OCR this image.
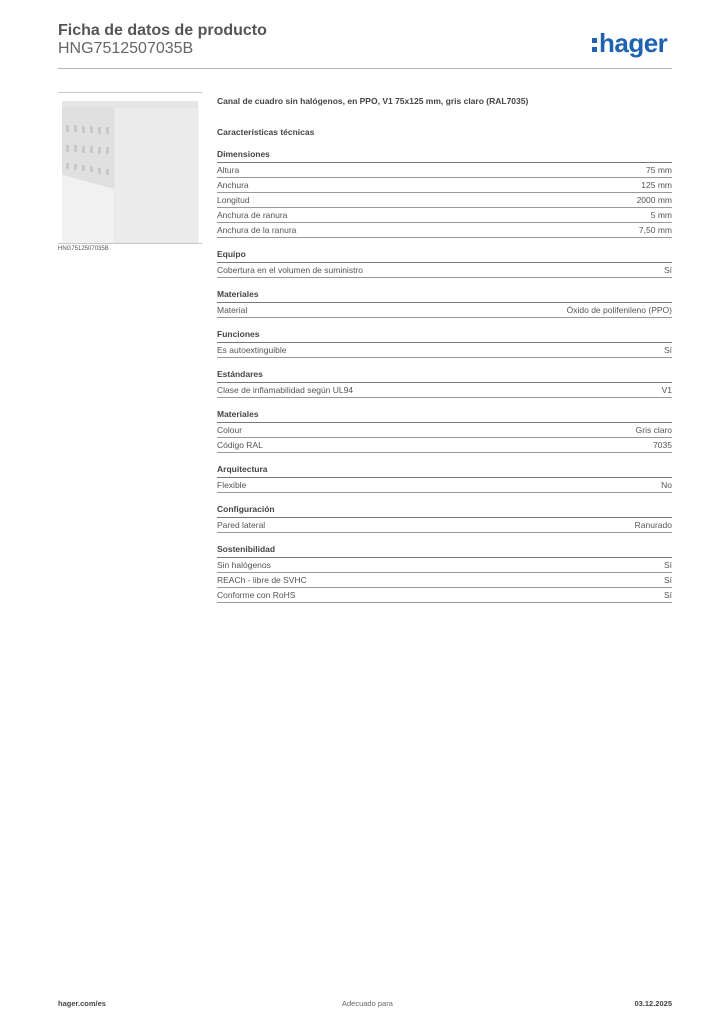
Ficha de datos de producto

HNG7512507035B	hager
HNG7512507035B

Canal de cuadro sin halógenos, en PPO, V1 75x125 mm, gris claro (RAL7035)

Características técnicas

Dimensiones
Altura	75 mm
Anchura	125 mm
Longitud	2000 mm
Anchura de ranura	5 mm
Anchura de la ranura	7,50 mm
Equipo
Cobertura en el volumen de suministro	Sí
Materiales
Material	Óxido de polifenileno (PPO)
Funciones
Es autoextinguible	Sí
Estándares
Clase de inflamabilidad según UL94	V1
Materiales
Colour	Gris claro
Código RAL	7035
Arquitectura
Flexible	No
Configuración
Pared lateral	Ranurado
Sostenibilidad
Sin halógenos	Sí
REACh - libre de SVHC	Sí
Conforme con RoHS	Sí
hager.com/es	Adecuado para	03.12.2025
